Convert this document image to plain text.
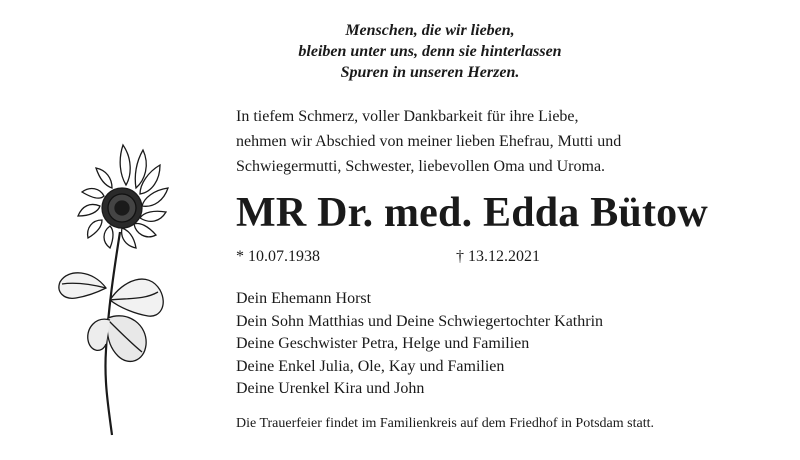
Menschen, die wir lieben,
bleiben unter uns, denn sie hinterlassen
Spuren in unseren Herzen.
In tiefem Schmerz, voller Dankbarkeit für ihre Liebe,
nehmen wir Abschied von meiner lieben Ehefrau, Mutti und
Schwiegermutti, Schwester, liebevollen Oma und Uroma.
MR Dr. med. Edda Bütow
* 10.07.1938	† 13.12.2021
Dein Ehemann Horst
Dein Sohn Matthias und Deine Schwiegertochter Kathrin
Deine Geschwister Petra, Helge und Familien
Deine Enkel Julia, Ole, Kay und Familien
Deine Urenkel Kira und John
Die Trauerfeier findet im Familienkreis auf dem Friedhof in Potsdam statt.
